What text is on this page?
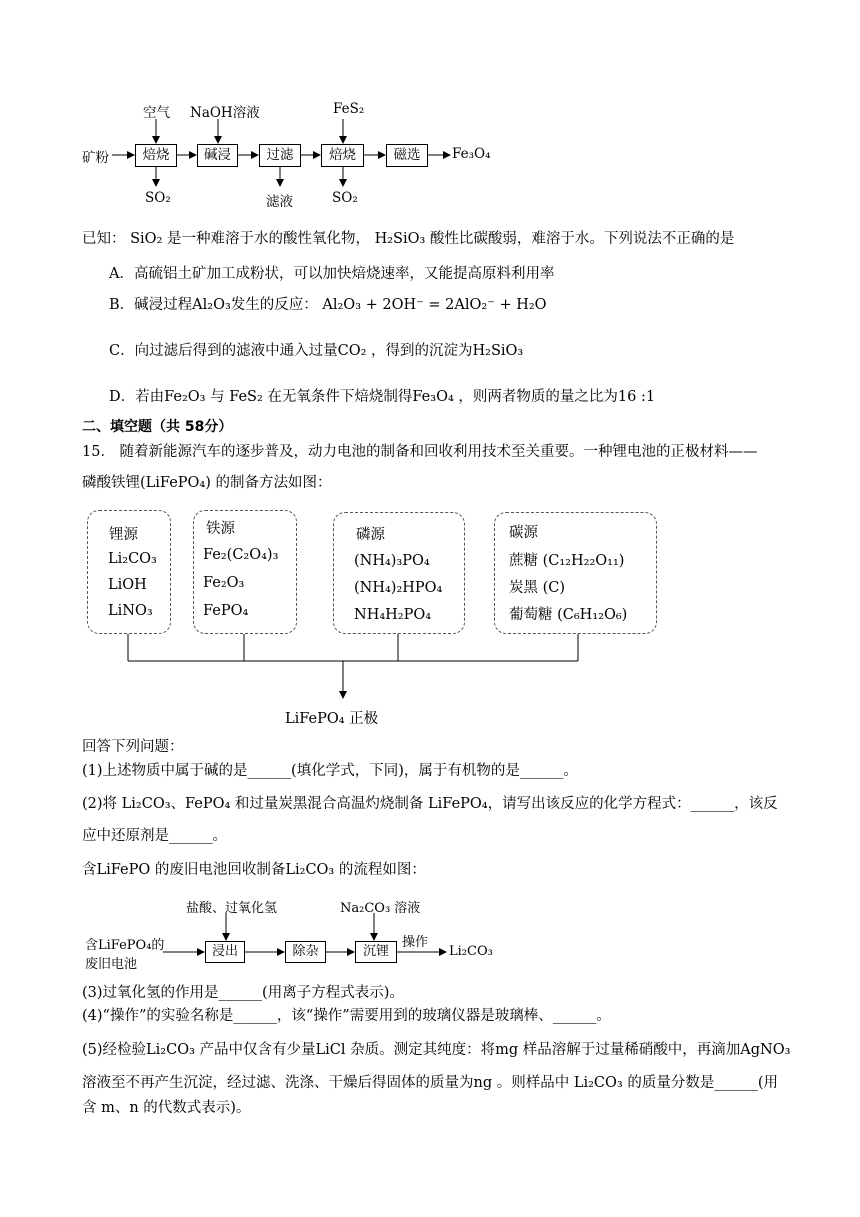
空气 NaOH溶液	FeS₂
矿粉	焙烧	碱浸	过滤	焙烧	磁选	Fe₃O₄
SO₂	滤液	SO₂
已知： SiO₂ 是一种难溶于水的酸性氧化物， H₂SiO₃ 酸性比碳酸弱，难溶于水。下列说法不正确的是
A．高硫铝土矿加工成粉状，可以加快焙烧速率，又能提高原料利用率
B．碱浸过程Al₂O₃发生的反应： Al₂O₃ + 2OH⁻ = 2AlO₂⁻ + H₂O
C．向过滤后得到的滤液中通入过量CO₂ ，得到的沉淀为H₂SiO₃
D．若由Fe₂O₃ 与 FeS₂ 在无氧条件下焙烧制得Fe₃O₄ ，则两者物质的量之比为16 :1
二、填空题（共 58分）
15． 随着新能源汽车的逐步普及，动力电池的制备和回收利用技术至关重要。一种锂电池的正极材料——
磷酸铁锂(LiFePO₄) 的制备方法如图：
锂源
Li₂CO₃
LiOH
LiNO₃
铁源
Fe₂(C₂O₄)₃
Fe₂O₃
FePO₄
磷源
(NH₄)₃PO₄
(NH₄)₂HPO₄
NH₄H₂PO₄
碳源
蔗糖 (C₁₂H₂₂O₁₁)
炭黑 (C)
葡萄糖 (C₆H₁₂O₆)
LiFePO₄ 正极
回答下列问题：
(1)上述物质中属于碱的是______(填化学式，下同)，属于有机物的是______。
(2)将 Li₂CO₃、FePO₄ 和过量炭黑混合高温灼烧制备 LiFePO₄，请写出该反应的化学方程式：______，该反
应中还原剂是______。
含LiFePO 的废旧电池回收制备Li₂CO₃ 的流程如图：
盐酸、过氧化氢	Na₂CO₃ 溶液
含LiFePO₄的
废旧电池
浸出	除杂	沉锂
操作
Li₂CO₃
(3)过氧化氢的作用是______(用离子方程式表示)。
(4)“操作”的实验名称是______，该“操作”需要用到的玻璃仪器是玻璃棒、______。
(5)经检验Li₂CO₃ 产品中仅含有少量LiCl 杂质。测定其纯度：将mg 样品溶解于过量稀硝酸中，再滴加AgNO₃
溶液至不再产生沉淀，经过滤、洗涤、干燥后得固体的质量为ng 。则样品中 Li₂CO₃ 的质量分数是______(用
含 m、n 的代数式表示)。
